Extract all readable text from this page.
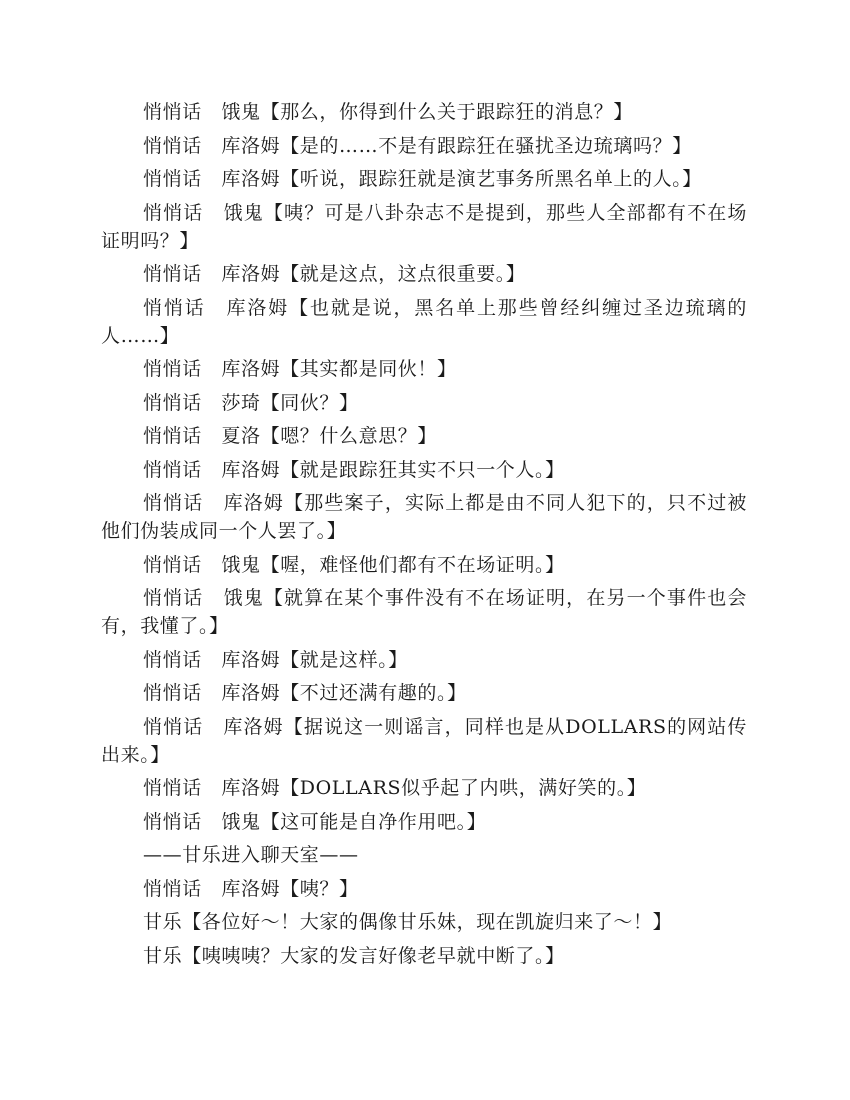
悄悄话　饿鬼【那么，你得到什么关于跟踪狂的消息？】

悄悄话　库洛姆【是的……不是有跟踪狂在骚扰圣边琉璃吗？】

悄悄话　库洛姆【听说，跟踪狂就是演艺事务所黑名单上的人。】

悄悄话　饿鬼【咦？可是八卦杂志不是提到，那些人全部都有不在场证明吗？】

悄悄话　库洛姆【就是这点，这点很重要。】

悄悄话　库洛姆【也就是说，黑名单上那些曾经纠缠过圣边琉璃的人……】

悄悄话　库洛姆【其实都是同伙！】

悄悄话　莎琦【同伙？】

悄悄话　夏洛【嗯？什么意思？】

悄悄话　库洛姆【就是跟踪狂其实不只一个人。】

悄悄话　库洛姆【那些案子，实际上都是由不同人犯下的，只不过被他们伪装成同一个人罢了。】

悄悄话　饿鬼【喔，难怪他们都有不在场证明。】

悄悄话　饿鬼【就算在某个事件没有不在场证明，在另一个事件也会有，我懂了。】

悄悄话　库洛姆【就是这样。】

悄悄话　库洛姆【不过还满有趣的。】

悄悄话　库洛姆【据说这一则谣言，同样也是从DOLLARS的网站传出来。】

悄悄话　库洛姆【DOLLARS似乎起了内哄，满好笑的。】

悄悄话　饿鬼【这可能是自净作用吧。】

——甘乐进入聊天室——

悄悄话　库洛姆【咦？】

甘乐【各位好～！大家的偶像甘乐妹，现在凯旋归来了～！】

甘乐【咦咦咦？大家的发言好像老早就中断了。】
